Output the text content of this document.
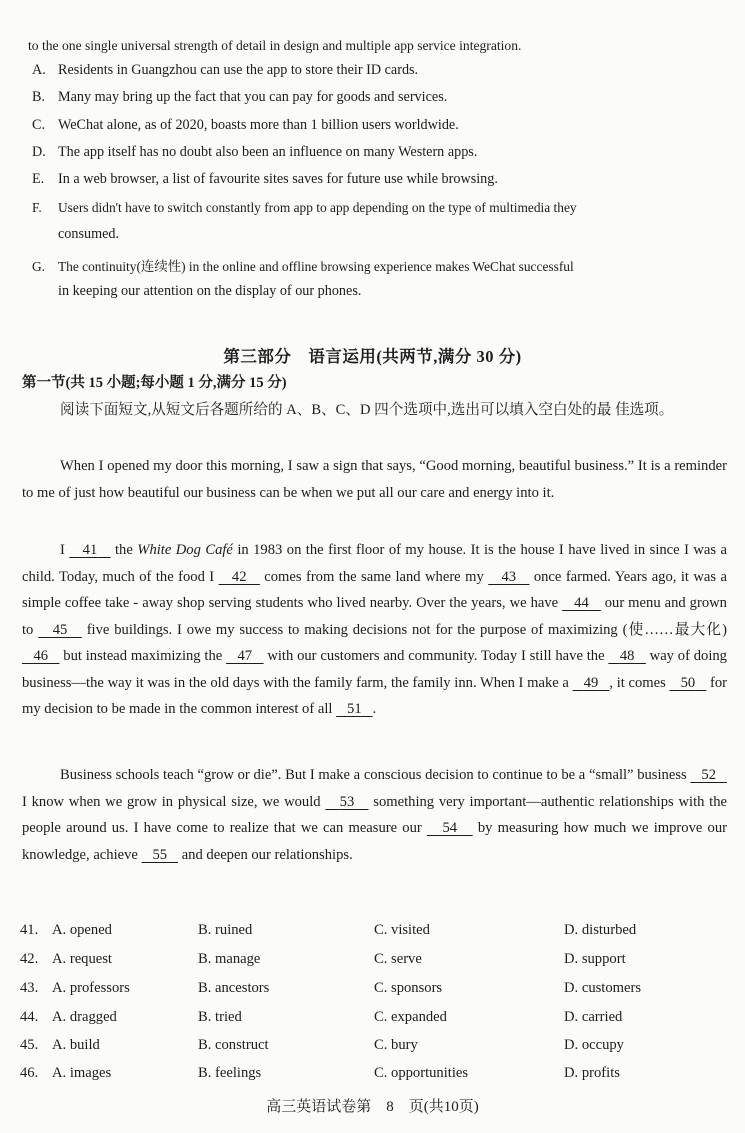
to the one single universal strength of detail in design and multiple app service integration.
A. Residents in Guangzhou can use the app to store their ID cards.
B. Many may bring up the fact that you can pay for goods and services.
C. WeChat alone, as of 2020, boasts more than 1 billion users worldwide.
D. The app itself has no doubt also been an influence on many Western apps.
E. In a web browser, a list of favourite sites saves for future use while browsing.
F. Users didn't have to switch constantly from app to app depending on the type of multimedia they
consumed.
G. The continuity(连续性) in the online and offline browsing experience makes WeChat successful
in keeping our attention on the display of our phones.
第三部分　语言运用(共两节,满分 30 分)
第一节(共 15 小题;每小题 1 分,满分 15 分)
阅读下面短文,从短文后各题所给的 A、B、C、D 四个选项中,选出可以填入空白处的最 佳选项。
When I opened my door this morning, I saw a sign that says, “Good morning, beautiful business.” It is a reminder to me of just how beautiful our business can be when we put all our care and energy into it.
I    41    the White Dog Café in 1983 on the first floor of my house. It is the house I have lived in since I was a child. Today, much of the food I    42    comes from the same land where my    43    once farmed. Years ago, it was a simple coffee take - away shop serving students who lived nearby. Over the years, we have    44    our menu and grown to    45    five buildings. I owe my success to making decisions not for the purpose of maximizing (使……最大化)    46    but instead maximizing the    47    with our customers and community. Today I still have the    48    way of doing business—the way it was in the old days with the family farm, the family inn. When I make a    49 , it comes    50    for my decision to be made in the common interest of all    51 .
Business schools teach “grow or die”. But I make a conscious decision to continue to be a “small” business    52    I know when we grow in physical size, we would    53    something very important—authentic relationships with the people around us. I have come to realize that we can measure our    54    by measuring how much we improve our knowledge, achieve    55    and deepen our relationships.
41. A. opened	B. ruined	C. visited	D. disturbed
42. A. request	B. manage	C. serve	D. support
43. A. professors	B. ancestors	C. sponsors	D. customers
44. A. dragged	B. tried	C. expanded	D. carried
45. A. build	B. construct	C. bury	D. occupy
46. A. images	B. feelings	C. opportunities	D. profits
高三英语试卷第　8　页(共10页)
